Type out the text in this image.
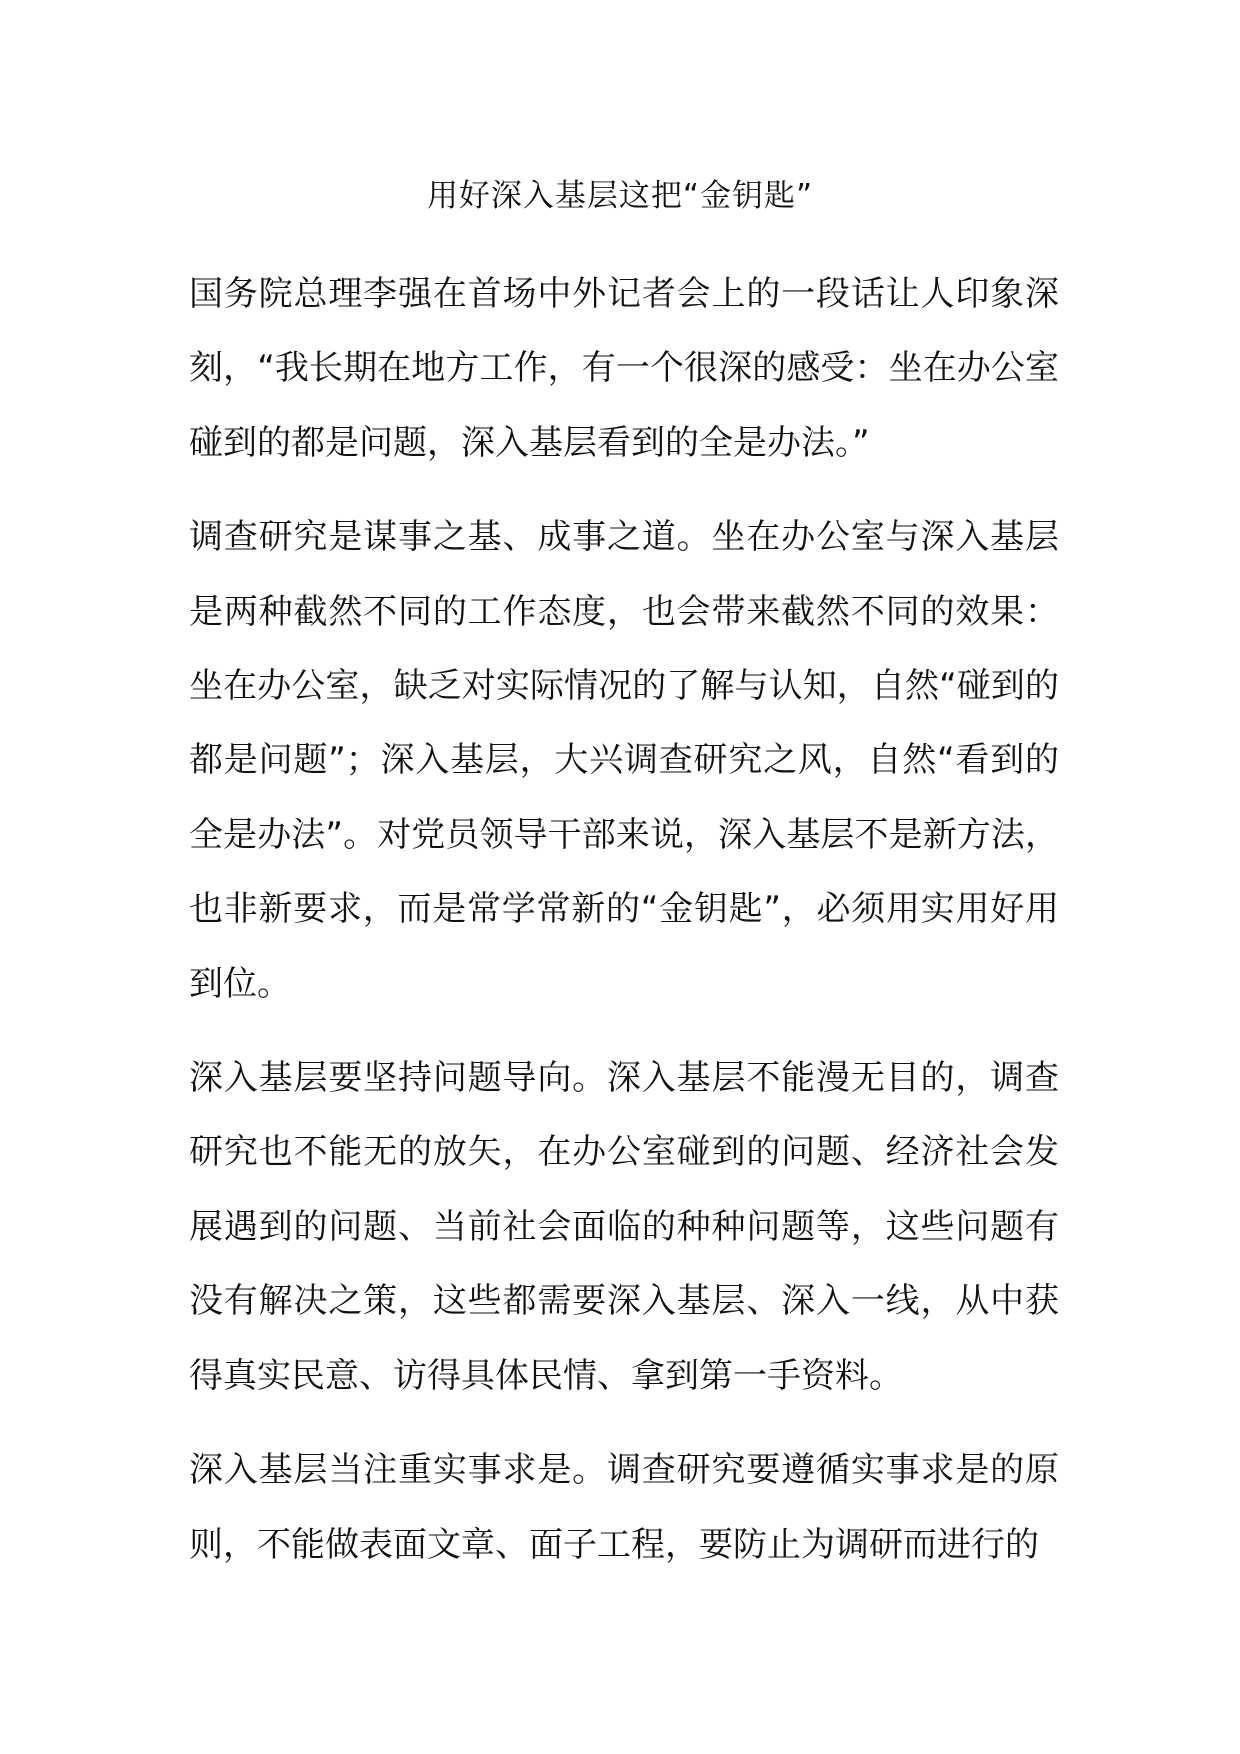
用好深入基层这把“金钥匙”

国务院总理李强在首场中外记者会上的一段话让人印象深刻，“我长期在地方工作，有一个很深的感受：坐在办公室碰到的都是问题，深入基层看到的全是办法。”

调查研究是谋事之基、成事之道。坐在办公室与深入基层是两种截然不同的工作态度，也会带来截然不同的效果：坐在办公室，缺乏对实际情况的了解与认知，自然“碰到的都是问题”；深入基层，大兴调查研究之风，自然“看到的全是办法”。对党员领导干部来说，深入基层不是新方法，也非新要求，而是常学常新的“金钥匙”，必须用实用好用到位。

深入基层要坚持问题导向。深入基层不能漫无目的，调查研究也不能无的放矢，在办公室碰到的问题、经济社会发展遇到的问题、当前社会面临的种种问题等，这些问题有没有解决之策，这些都需要深入基层、深入一线，从中获得真实民意、访得具体民情、拿到第一手资料。

深入基层当注重实事求是。调查研究要遵循实事求是的原则，不能做表面文章、面子工程，要防止为调研而进行的
